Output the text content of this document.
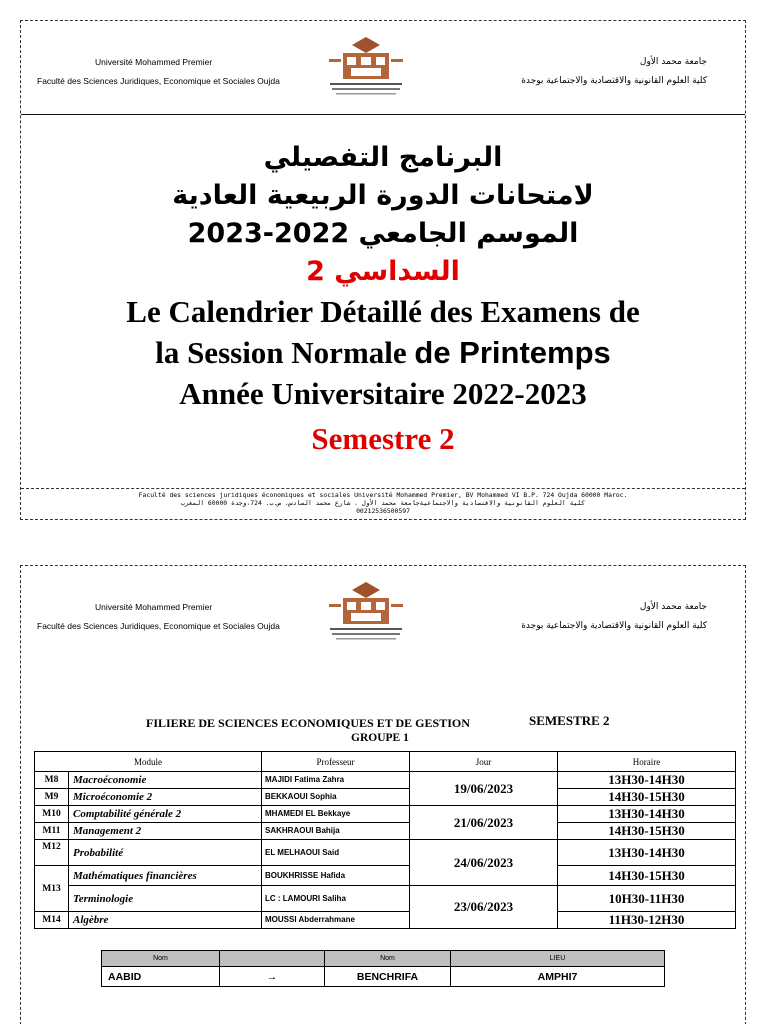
Université Mohammed Premier
Faculté des Sciences Juridiques, Economique et Sociales Oujda
جامعة محمد الأول
كلية العلوم القانونية والاقتصادية والاجتماعية بوجدة
البرنامج التفصيلي
لامتحانات الدورة الربيعية العادية
الموسم الجامعي 2022-2023
السداسي 2
Le Calendrier Détaillé des Examens de
la Session Normale de Printemps
Année Universitaire 2022-2023
Semestre 2
Faculté des sciences juridiques économiques et sociales Université Mohammed Premier, BV Mohammed VI B.P. 724 Oujda 60000 Maroc.
كلية العلوم القانونية والاقتصادية والاجتماعيةجامعة محمد الأول ، شارع محمد السادس، ص.ب. 724،وجدة 60000 المغرب
00212536500597
Université Mohammed Premier
Faculté des Sciences Juridiques, Economique et Sociales Oujda
جامعة محمد الأول
كلية العلوم القانونية والاقتصادية والاجتماعية بوجدة
FILIERE DE SCIENCES ECONOMIQUES ET DE GESTION	SEMESTRE 2
GROUPE 1
Module		Professeur	Jour	Horaire
M8	Macroéconomie	MAJIDI Fatima Zahra	19/06/2023	13H30-14H30
M9	Microéconomie 2	BEKKAOUI Sophia		14H30-15H30
M10	Comptabilité générale 2	MHAMEDI EL Bekkaye	21/06/2023	13H30-14H30
M11	Management 2	SAKHRAOUI Bahija		14H30-15H30
M12	Probabilité	EL MELHAOUI Said	24/06/2023	13H30-14H30
M13	Mathématiques financières	BOUKHRISSE Hafida		14H30-15H30
	Terminologie	LC : LAMOURI Saliha	23/06/2023	10H30-11H30
M14	Algèbre	MOUSSI Abderrahmane		11H30-12H30
Nom		Nom	LIEU
AABID	→	BENCHRIFA	AMPHI7
